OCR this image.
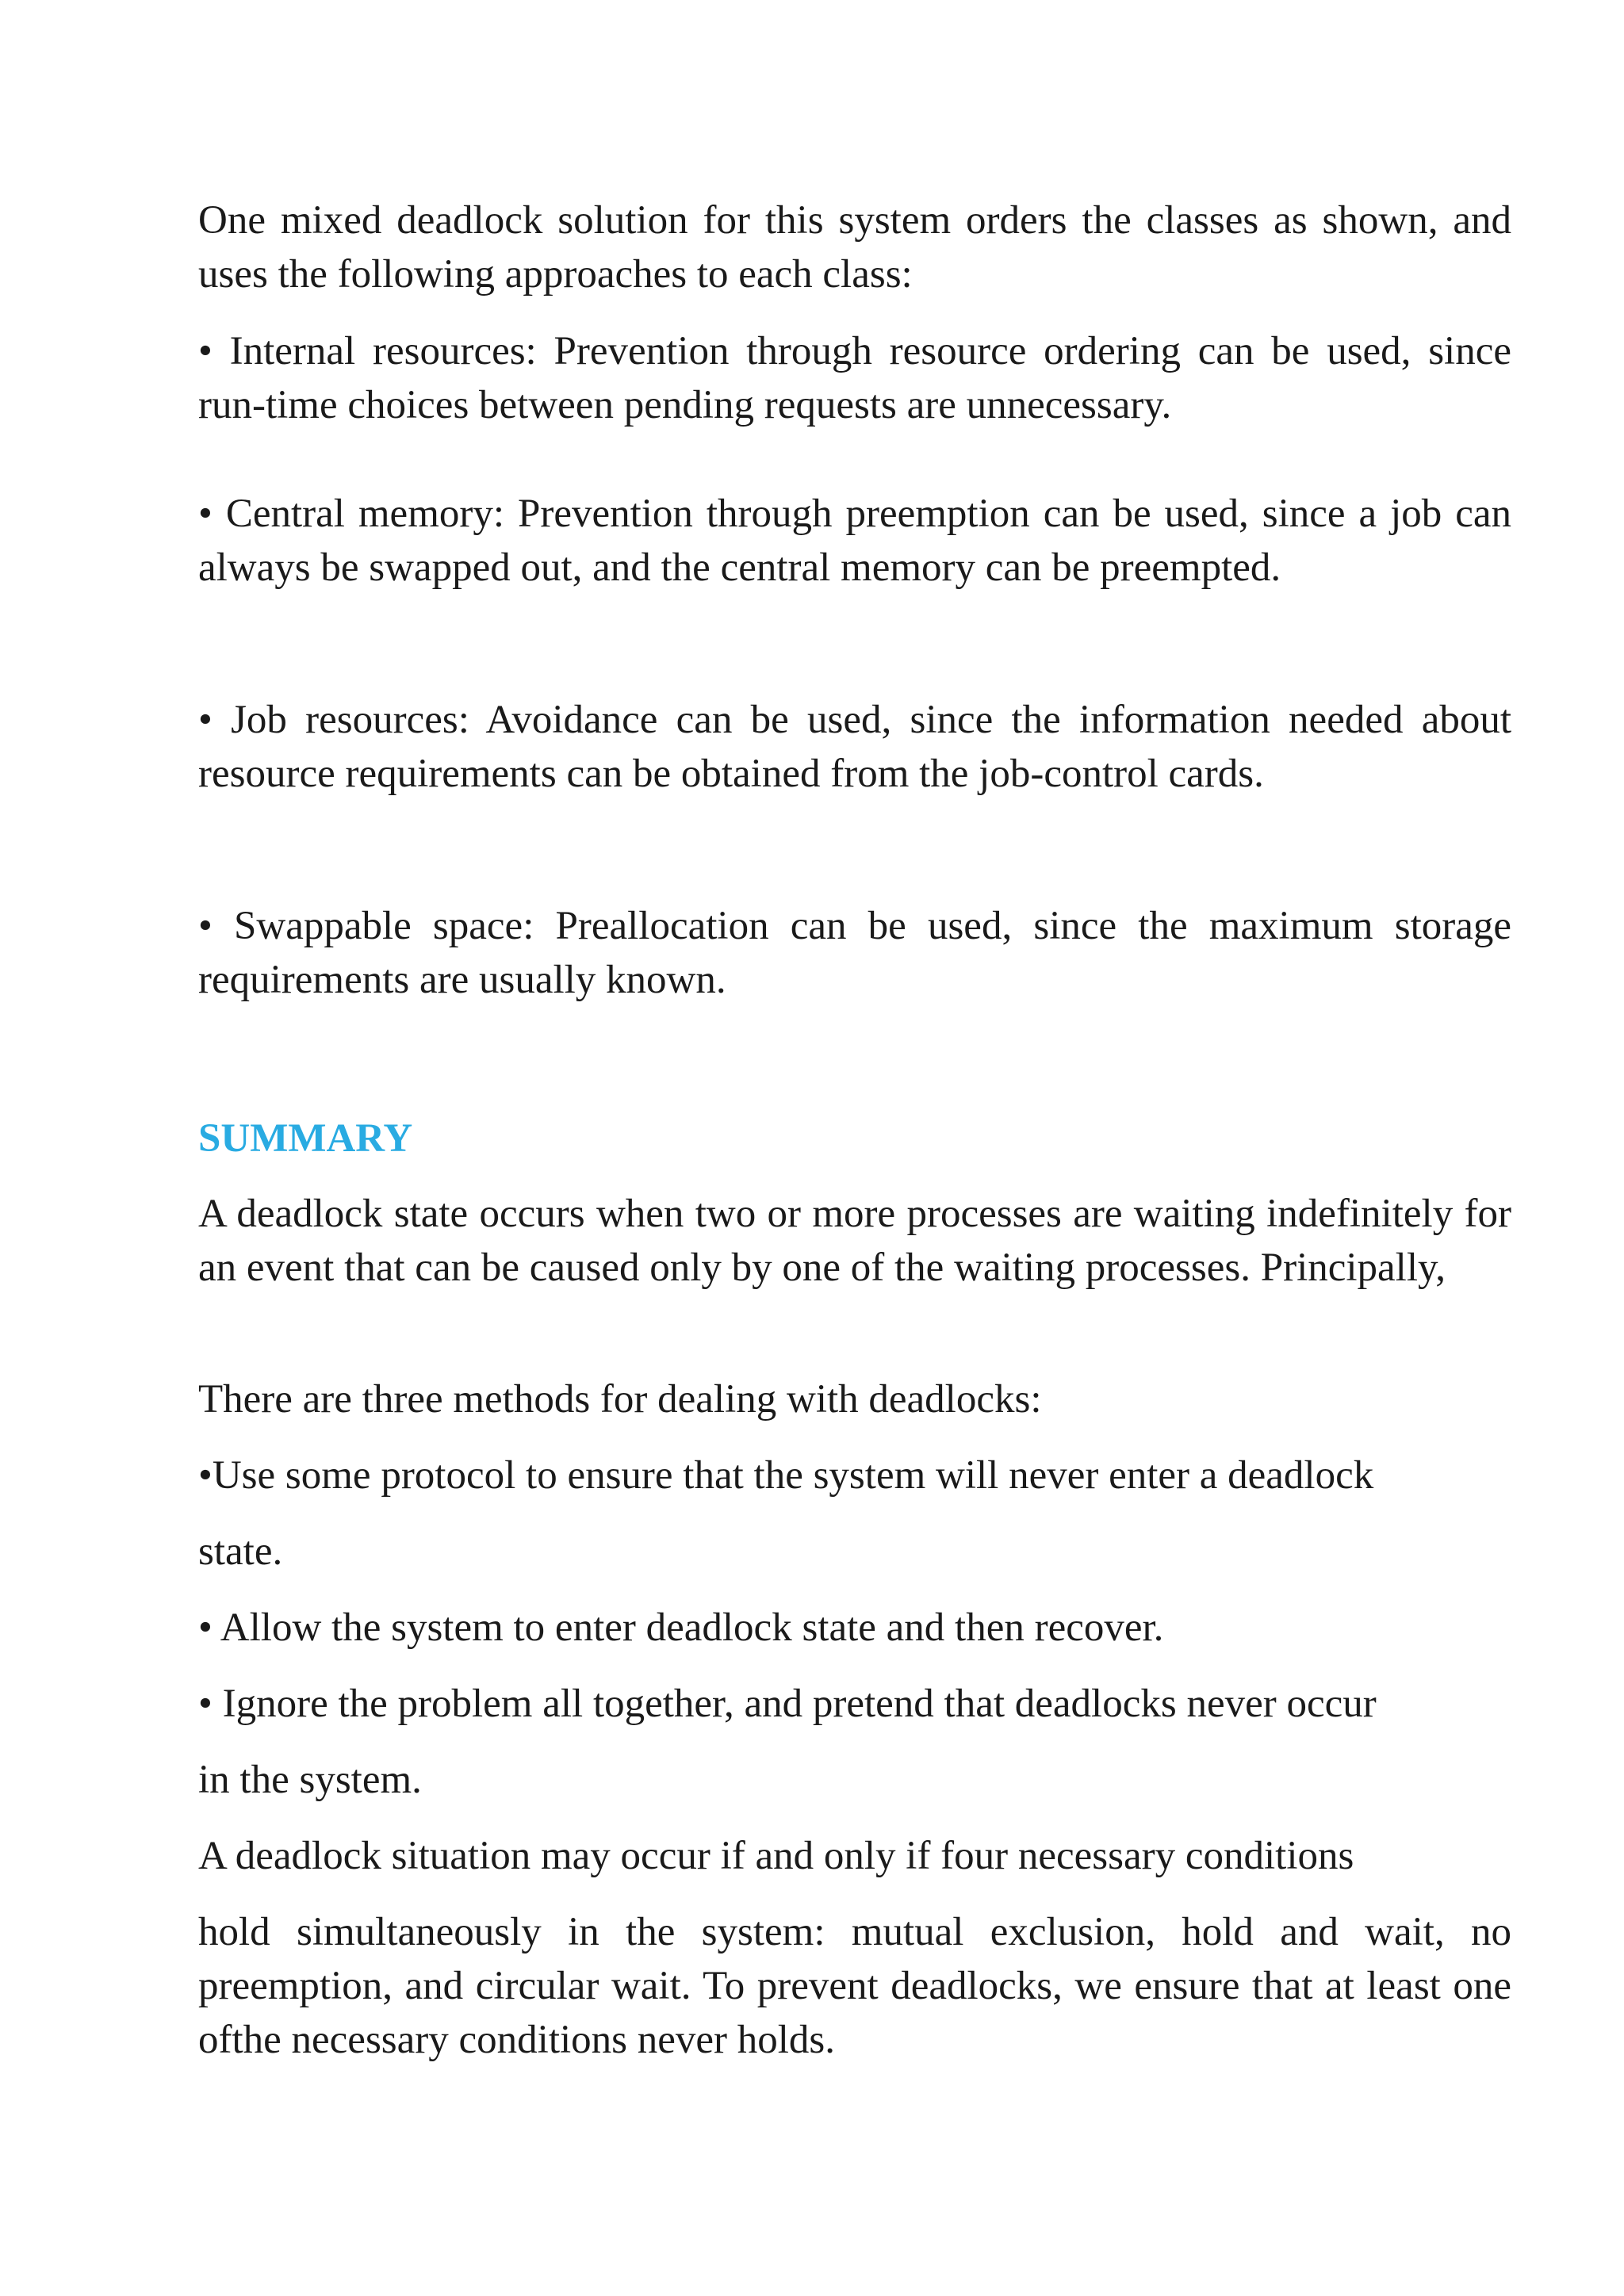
One mixed deadlock solution for this system orders the classes as shown, and uses the following approaches to each class:

• Internal resources: Prevention through resource ordering can be used, since run-time choices between pending requests are unnecessary.

• Central memory: Prevention through preemption can be used, since a job can always be swapped out, and the central memory can be preempted.

• Job resources: Avoidance can be used, since the information needed about resource requirements can be obtained from the job-control cards.

• Swappable space: Preallocation can be used, since the maximum storage requirements are usually known.

SUMMARY

A deadlock state occurs when two or more processes are waiting indefinitely for an event that can be caused only by one of the waiting processes. Principally,

There are three methods for dealing with deadlocks:

•Use some protocol to ensure that the system will never enter a deadlock

state.

• Allow the system to enter deadlock state and then recover.

• Ignore the problem all together, and pretend that deadlocks never occur

in the system.

A deadlock situation may occur if and only if four necessary conditions

hold simultaneously in the system: mutual exclusion, hold and wait, no preemption, and circular wait. To prevent deadlocks, we ensure that at least one ofthe necessary conditions never holds.
